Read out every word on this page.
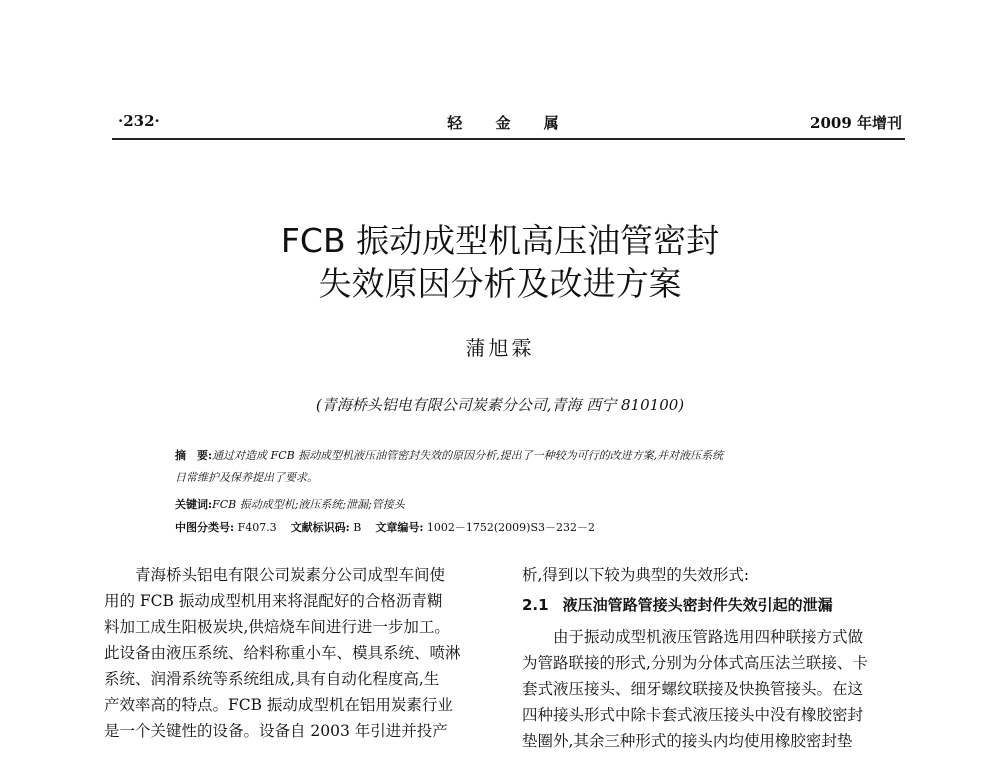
·232·	轻 金 属	2009 年增刊
FCB 振动成型机高压油管密封
失效原因分析及改进方案
蒲旭霖
(青海桥头铝电有限公司炭素分公司,青海 西宁 810100)
摘　要:通过对造成 FCB 振动成型机液压油管密封失效的原因分析,提出了一种较为可行的改进方案,并对液压系统
日常维护及保养提出了要求。
关键词:FCB 振动成型机;液压系统;泄漏;管接头
中图分类号: F407.3 文献标识码: B 文章编号: 1002－1752(2009)S3－232－2
青海桥头铝电有限公司炭素分公司成型车间使
用的 FCB 振动成型机用来将混配好的合格沥青糊
料加工成生阳极炭块,供焙烧车间进行进一步加工。
此设备由液压系统、给料称重小车、模具系统、喷淋
系统、润滑系统等系统组成,具有自动化程度高,生
产效率高的特点。FCB 振动成型机在铝用炭素行业
是一个关键性的设备。设备自 2003 年引进并投产
析,得到以下较为典型的失效形式:
2.1 液压油管路管接头密封件失效引起的泄漏
由于振动成型机液压管路选用四种联接方式做
为管路联接的形式,分别为分体式高压法兰联接、卡
套式液压接头、细牙螺纹联接及快换管接头。在这
四种接头形式中除卡套式液压接头中没有橡胶密封
垫圈外,其余三种形式的接头内均使用橡胶密封垫
